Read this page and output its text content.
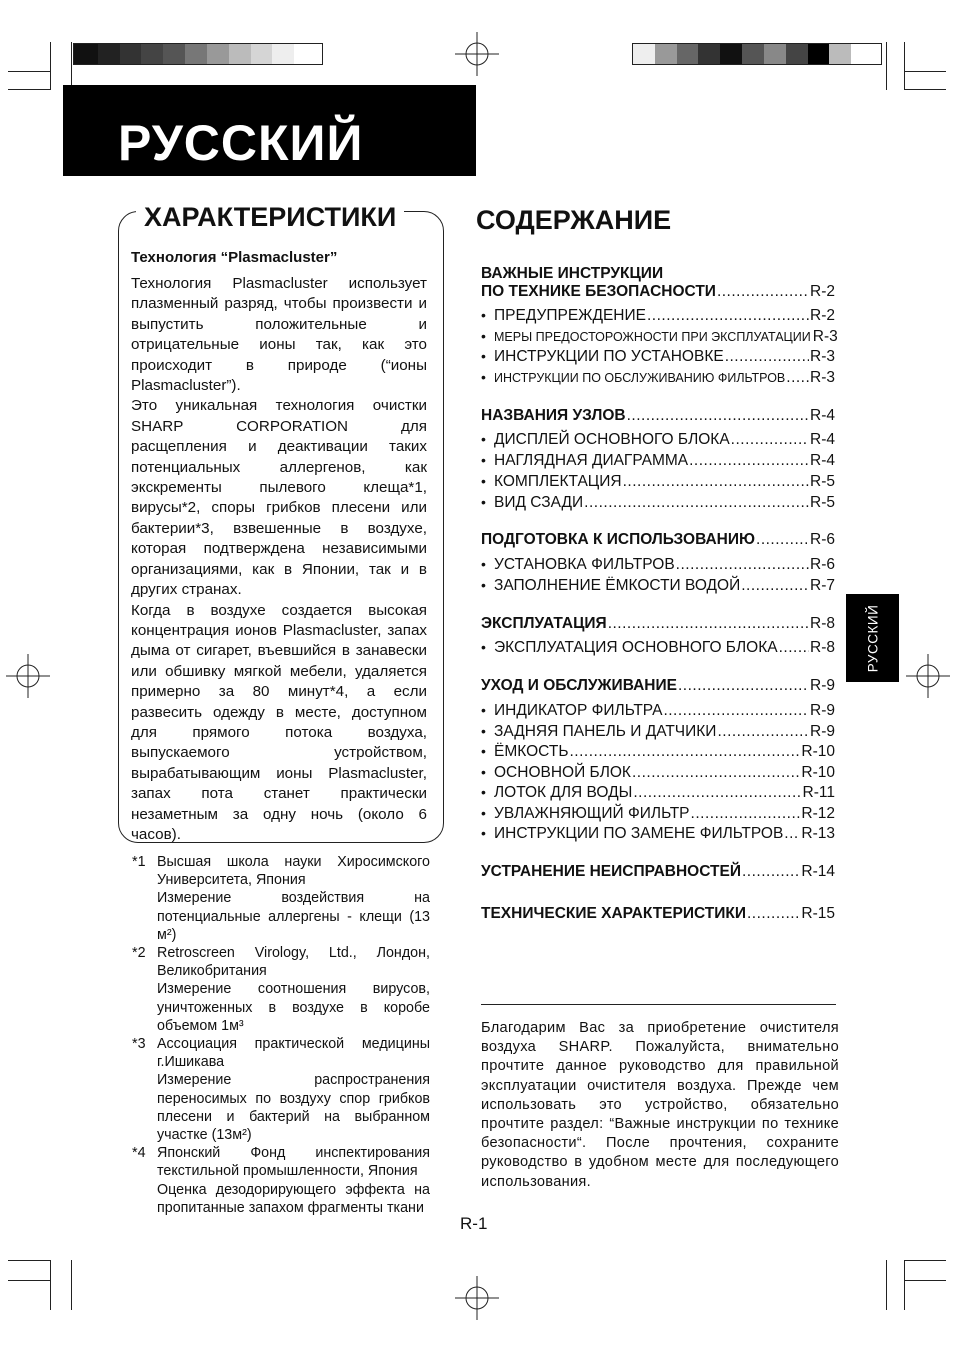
РУССКИЙ
ХАРАКТЕРИСТИКИ
Технология “Plasmacluster”

Технология Plasmacluster использует плазменный разряд, чтобы произвести и выпустить положительные и отрицательные ионы так, как это происходит в природе (“ионы Plasmacluster”).

Это уникальная технология очистки SHARP CORPORATION для расщепления и деактивации таких потенциальных аллергенов, как экскременты пылевого клеща*1, вирусы*2, споры грибков плесени или бактерии*3, взвешенные в воздухе, которая подтверждена независимыми организациями, как в Японии, так и в других странах.

Когда в воздухе создается высокая концентрация ионов Plasmacluster, запах дыма от сигарет, въевшийся в занавески или обшивку мягкой мебели, удаляется примерно за 80 минут*4, а если развесить одежду в месте, доступном для прямого потока воздуха, выпускаемого устройством, вырабатывающим ионы Plasmacluster, запах пота станет практически незаметным за одну ночь (около 6 часов).

*1 Высшая школа науки Хиросимского Университета, Япония
Измерение воздействия на потенциальные аллергены - клещи (13 м²)
*2 Retroscreen Virology, Ltd., Лондон, Великобритания
Измерение соотношения вирусов, уничтоженных в воздухе в коробе объемом 1м³
*3 Ассоциация практической медицины г.Ишикава
Измерение распространения переносимых по воздуху спор грибков плесени и бактерий на выбранном участке (13м²)
*4 Японский Фонд инспектирования текстильной промышленности, Япония
Оценка дезодорирующего эффекта на пропитанные запахом фрагменты ткани
СОДЕРЖАНИЕ
ВАЖНЫЕ ИНСТРУКЦИИ
ПО ТЕХНИКЕ БЕЗОПАСНОСТИ .....	R-2
• ПРЕДУПРЕЖДЕНИЕ .....	R-2
• МЕРЫ ПРЕДОСТОРОЖНОСТИ ПРИ ЭКСПЛУАТАЦИИ R-3
• ИНСТРУКЦИИ ПО УСТАНОВКЕ .....	R-3
• ИНСТРУКЦИИ ПО ОБСЛУЖИВАНИЮ ФИЛЬТРОВ ..... R-3
НАЗВАНИЯ УЗЛОВ .....	R-4
• ДИСПЛЕЙ ОСНОВНОГО БЛОКА .....	R-4
• НАГЛЯДНАЯ ДИАГРАММА .....	R-4
• КОМПЛЕКТАЦИЯ .....	R-5
• ВИД СЗАДИ .....	R-5
ПОДГОТОВКА К ИСПОЛЬЗОВАНИЮ .....	R-6
• УСТАНОВКА ФИЛЬТРОВ .....	R-6
• ЗАПОЛНЕНИЕ ЁМКОСТИ ВОДОЙ .....	R-7
ЭКСПЛУАТАЦИЯ .....	R-8
• ЭКСПЛУАТАЦИЯ ОСНОВНОГО БЛОКА ..... R-8
УХОД И ОБСЛУЖИВАНИЕ .....	R-9
• ИНДИКАТОР ФИЛЬТРА .....	R-9
• ЗАДНЯЯ ПАНЕЛЬ И ДАТЧИКИ .....	R-9
• ЁМКОСТЬ .....	R-10
• ОСНОВНОЙ БЛОК .....	R-10
• ЛОТОК ДЛЯ ВОДЫ .....	R-11
• УВЛАЖНЯЮЩИЙ ФИЛЬТР .....	R-12
• ИНСТРУКЦИИ ПО ЗАМЕНЕ ФИЛЬТРОВ ..... R-13
УСТРАНЕНИЕ НЕИСПРАВНОСТЕЙ .....	R-14
ТЕХНИЧЕСКИЕ ХАРАКТЕРИСТИКИ .....	R-15
Благодарим Вас за приобретение очистителя воздуха SHARP. Пожалуйста, внимательно прочтите данное руководство для правильной эксплуатации очистителя воздуха. Прежде чем использовать это устройство, обязательно прочтите раздел: “Важные инструкции по технике безопасности“. После прочтения, сохраните руководство в удобном месте для последующего использования.
R-1
РУССКИЙ
